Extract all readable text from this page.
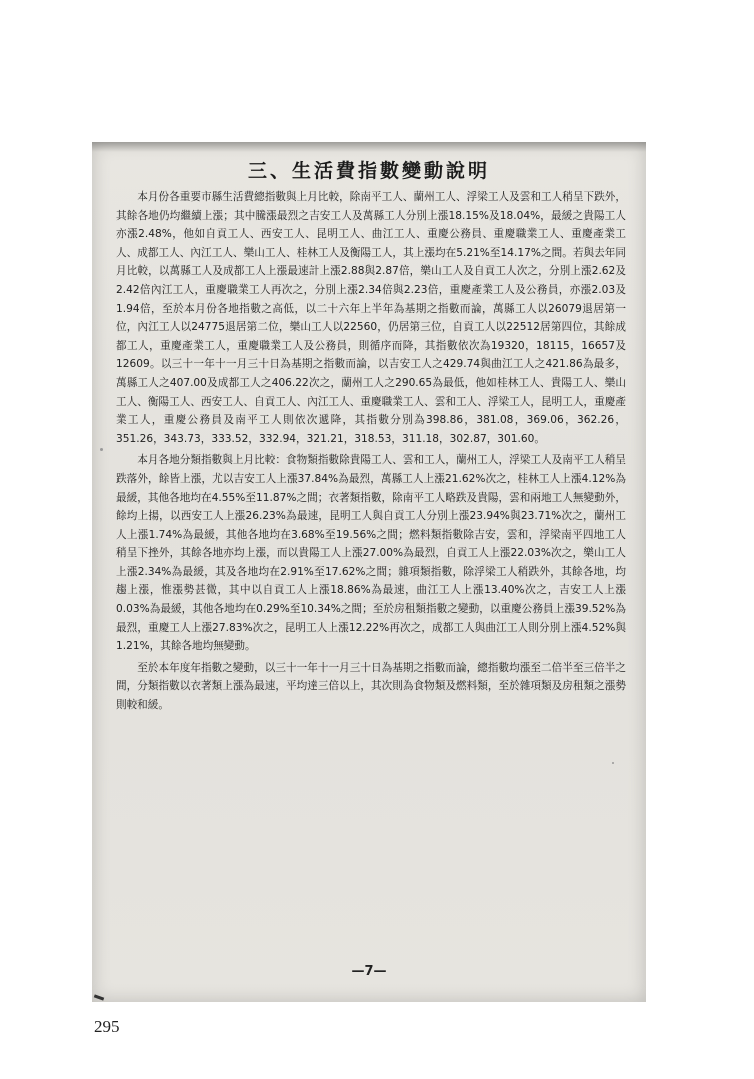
三、生活費指數變動說明

本月份各重要市縣生活費總指數與上月比較，除南平工人、蘭州工人、浮梁工人及雲和工人稍呈下跌外，其餘各地仍均繼續上漲；其中騰漲最烈之吉安工人及萬縣工人分別上漲18.15%及18.04%，最緩之貴陽工人亦漲2.48%，他如自貢工人、西安工人、昆明工人、曲江工人、重慶公務員、重慶職業工人、重慶產業工人、成都工人、內江工人、樂山工人、桂林工人及衡陽工人，其上漲均在5.21%至14.17%之間。若與去年同月比較，以萬縣工人及成都工人上漲最速計上漲2.88與2.87倍，樂山工人及自貢工人次之，分別上漲2.62及2.42倍內江工人，重慶職業工人再次之，分別上漲2.34倍與2.23倍，重慶產業工人及公務員，亦漲2.03及1.94倍，至於本月份各地指數之高低，以二十六年上半年為基期之指數而論，萬縣工人以26079退居第一位，內江工人以24775退居第二位，樂山工人以22560，仍居第三位，自貢工人以22512居第四位，其餘成都工人，重慶產業工人，重慶職業工人及公務員，則循序而降，其指數依次為19320，18115，16657及12609。以三十一年十一月三十日為基期之指數而論，以吉安工人之429.74與曲江工人之421.86為最多，萬縣工人之407.00及成都工人之406.22次之，蘭州工人之290.65為最低，他如桂林工人、貴陽工人、樂山工人、衡陽工人、西安工人、自貢工人、內江工人、重慶職業工人、雲和工人、浮梁工人，昆明工人，重慶產業工人，重慶公務員及南平工人則依次遞降，其指數分別為398.86，381.08，369.06，362.26，351.26，343.73，333.52，332.94，321.21，318.53，311.18，302.87，301.60。

本月各地分類指數與上月比較：食物類指數除貴陽工人、雲和工人，蘭州工人，浮梁工人及南平工人稍呈跌落外，餘皆上漲，尤以吉安工人上漲37.84%為最烈，萬縣工人上漲21.62%次之，桂林工人上漲4.12%為最緩，其他各地均在4.55%至11.87%之間；衣著類指數，除南平工人略跌及貴陽，雲和兩地工人無變動外，餘均上揚，以西安工人上漲26.23%為最速，昆明工人與自貢工人分別上漲23.94%與23.71%次之，蘭州工人上漲1.74%為最緩，其他各地均在3.68%至19.56%之間；燃料類指數除吉安，雲和，浮梁南平四地工人稍呈下挫外，其餘各地亦均上漲，而以貴陽工人上漲27.00%為最烈，自貢工人上漲22.03%次之，樂山工人上漲2.34%為最緩，其及各地均在2.91%至17.62%之間；雜項類指數，除浮梁工人稍跌外，其餘各地，均趨上漲，惟漲勢甚微，其中以自貢工人上漲18.86%為最速，曲江工人上漲13.40%次之，吉安工人上漲0.03%為最緩，其他各地均在0.29%至10.34%之間；至於房租類指數之變動，以重慶公務員上漲39.52%為最烈，重慶工人上漲27.83%次之，昆明工人上漲12.22%再次之，成都工人與曲江工人則分別上漲4.52%與1.21%，其餘各地均無變動。

至於本年度年指數之變動，以三十一年十一月三十日為基期之指數而論，總指數均漲至二倍半至三倍半之間，分類指數以衣著類上漲為最速，平均達三倍以上，其次則為食物類及燃料類，至於雜項類及房租類之漲勢則較和緩。

—7—
295
